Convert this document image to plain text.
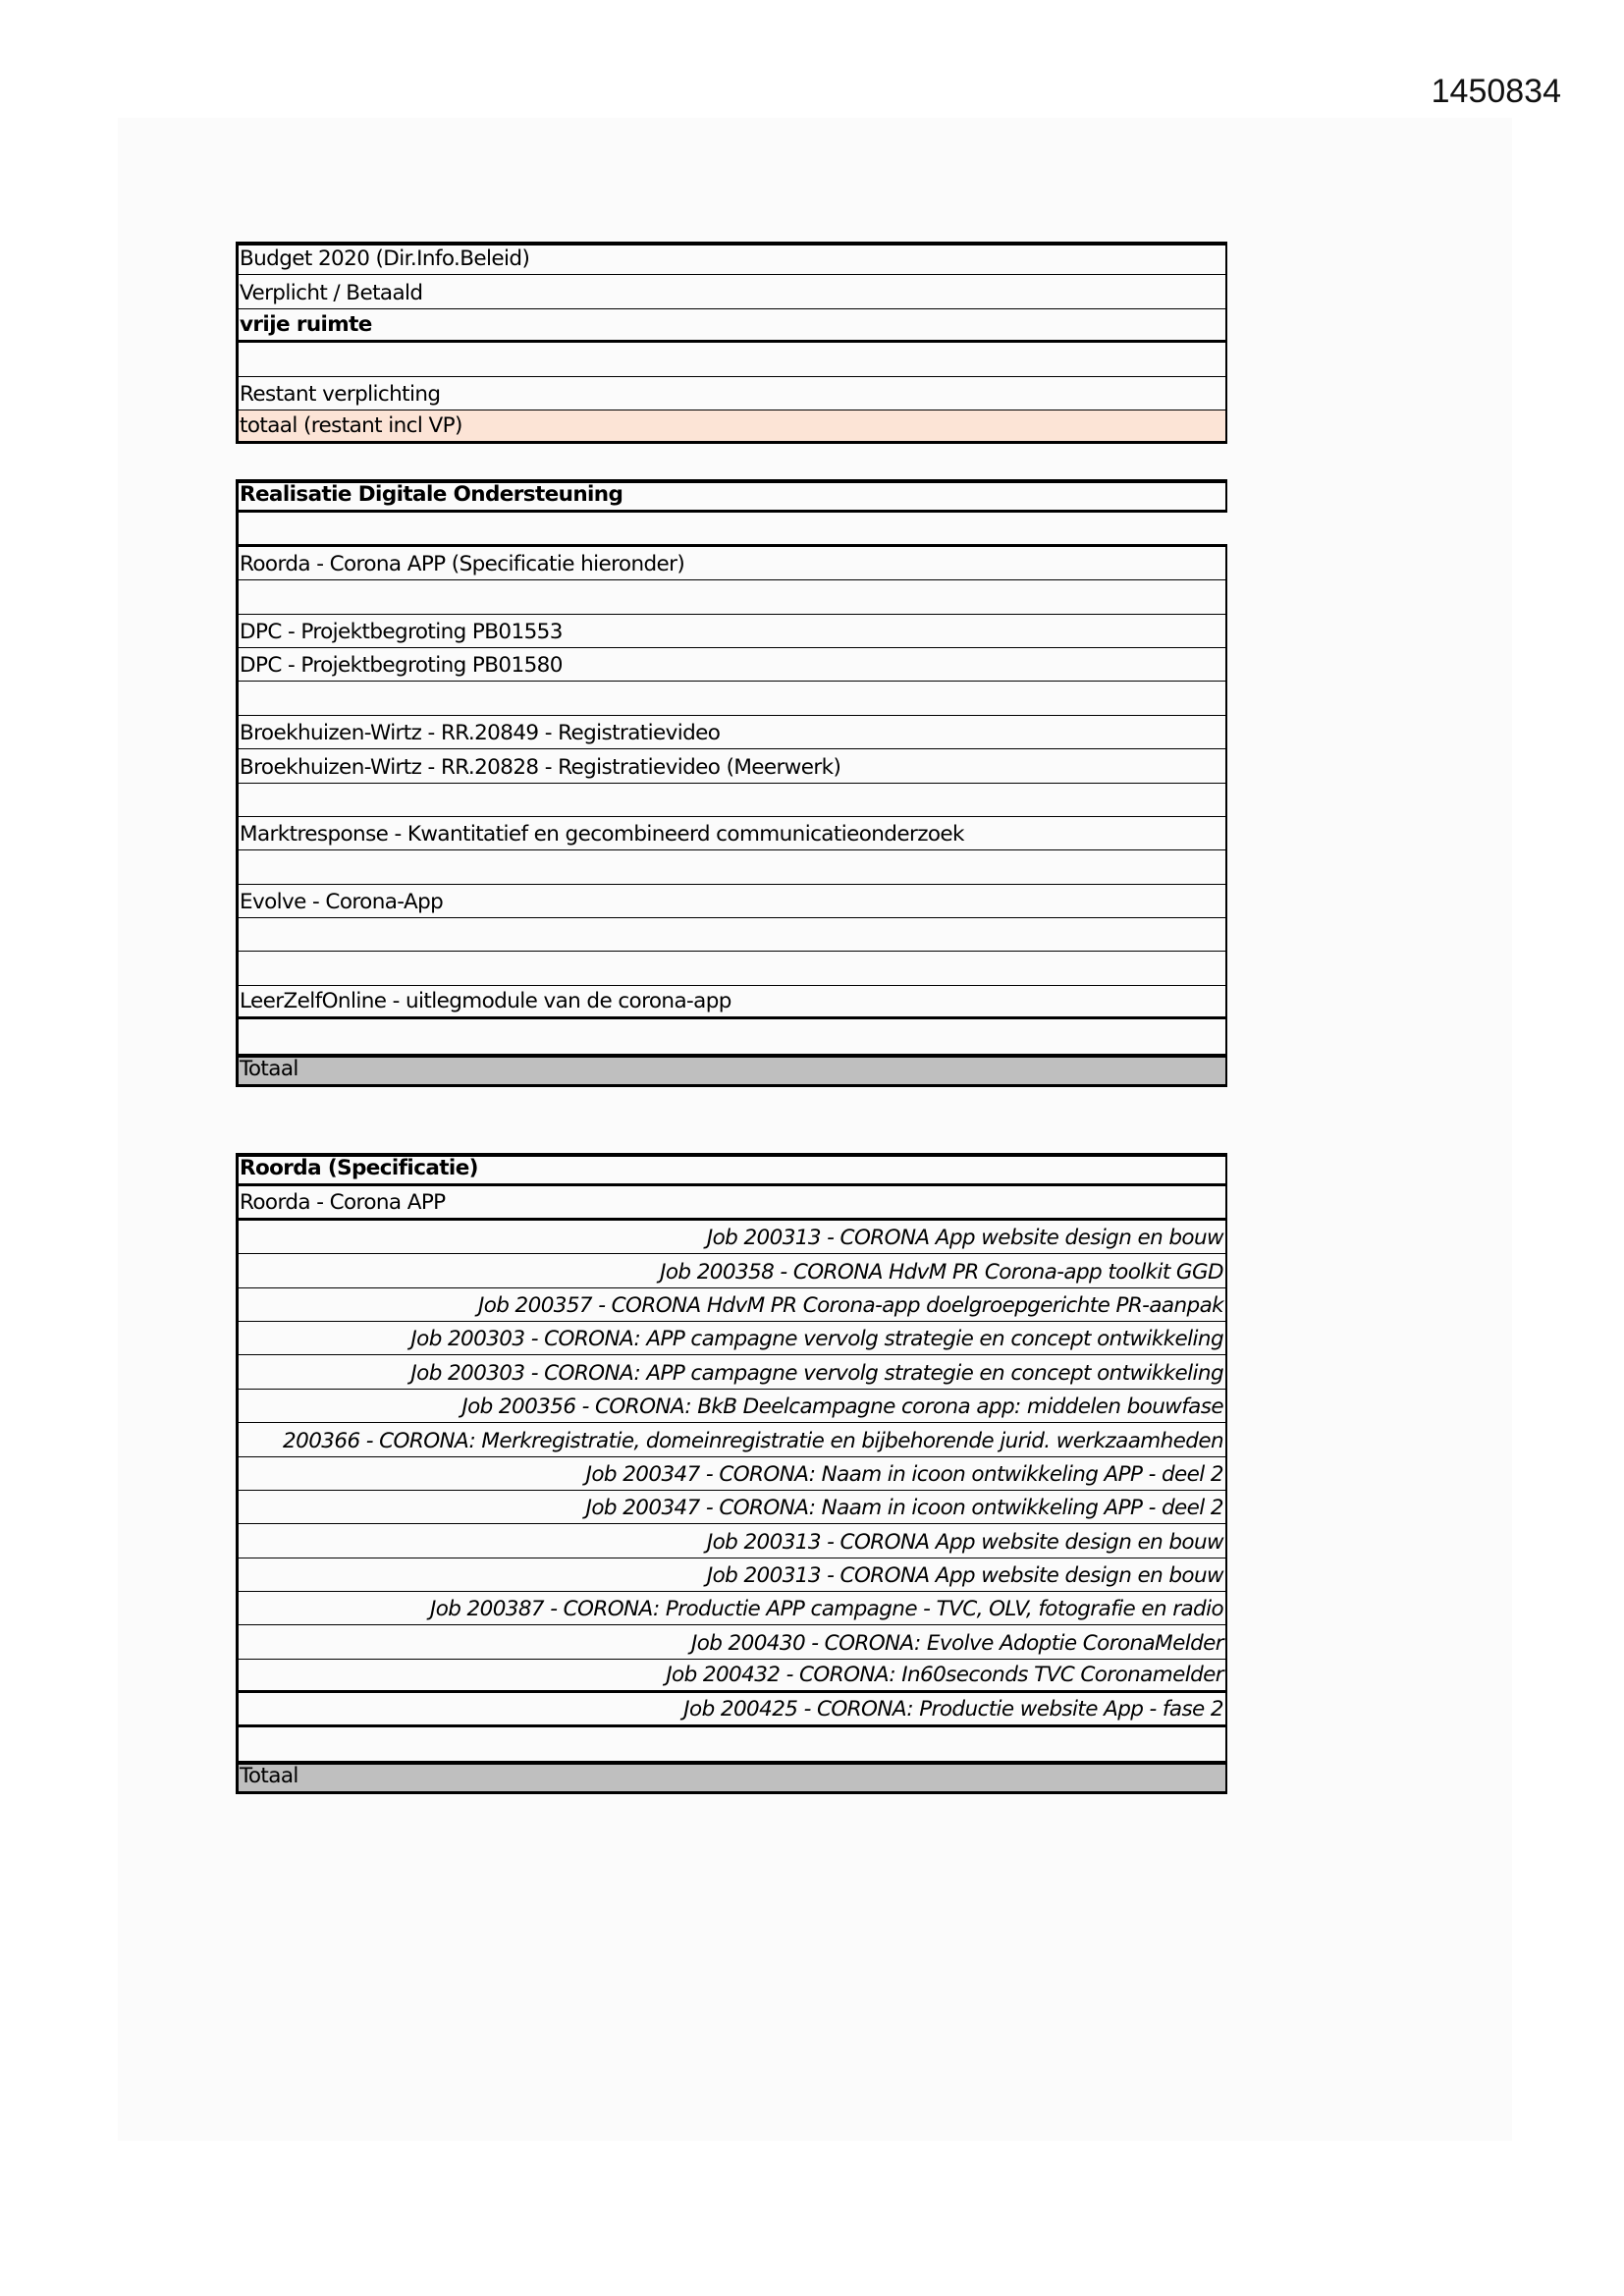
1450834
Budget 2020 (Dir.Info.Beleid)
Verplicht / Betaald
vrije ruimte
Restant verplichting
totaal (restant incl VP)
Realisatie Digitale Ondersteuning
Roorda - Corona APP (Specificatie hieronder)
DPC - Projektbegroting PB01553
DPC - Projektbegroting PB01580
Broekhuizen-Wirtz - RR.20849 - Registratievideo
Broekhuizen-Wirtz - RR.20828 - Registratievideo (Meerwerk)
Marktresponse - Kwantitatief en gecombineerd communicatieonderzoek
Evolve - Corona-App
LeerZelfOnline - uitlegmodule van de corona-app
Totaal
Roorda (Specificatie)
Roorda - Corona APP
Job 200313 - CORONA App website design en bouw
Job 200358 - CORONA HdvM PR Corona-app toolkit GGD
Job 200357 - CORONA HdvM PR Corona-app doelgroepgerichte PR-aanpak
Job 200303 - CORONA: APP campagne vervolg strategie en concept ontwikkeling
Job 200303 - CORONA: APP campagne vervolg strategie en concept ontwikkeling
Job 200356 - CORONA: BkB Deelcampagne corona app: middelen bouwfase
200366 - CORONA: Merkregistratie, domeinregistratie en bijbehorende jurid. werkzaamheden
Job 200347 - CORONA: Naam in icoon ontwikkeling APP - deel 2
Job 200347 - CORONA: Naam in icoon ontwikkeling APP - deel 2
Job 200313 - CORONA App website design en bouw
Job 200313 - CORONA App website design en bouw
Job 200387 - CORONA: Productie APP campagne - TVC, OLV, fotografie en radio
Job 200430 - CORONA: Evolve Adoptie CoronaMelder
Job 200432 - CORONA: In60seconds TVC Coronamelder
Job 200425 - CORONA: Productie website App - fase 2
Totaal
